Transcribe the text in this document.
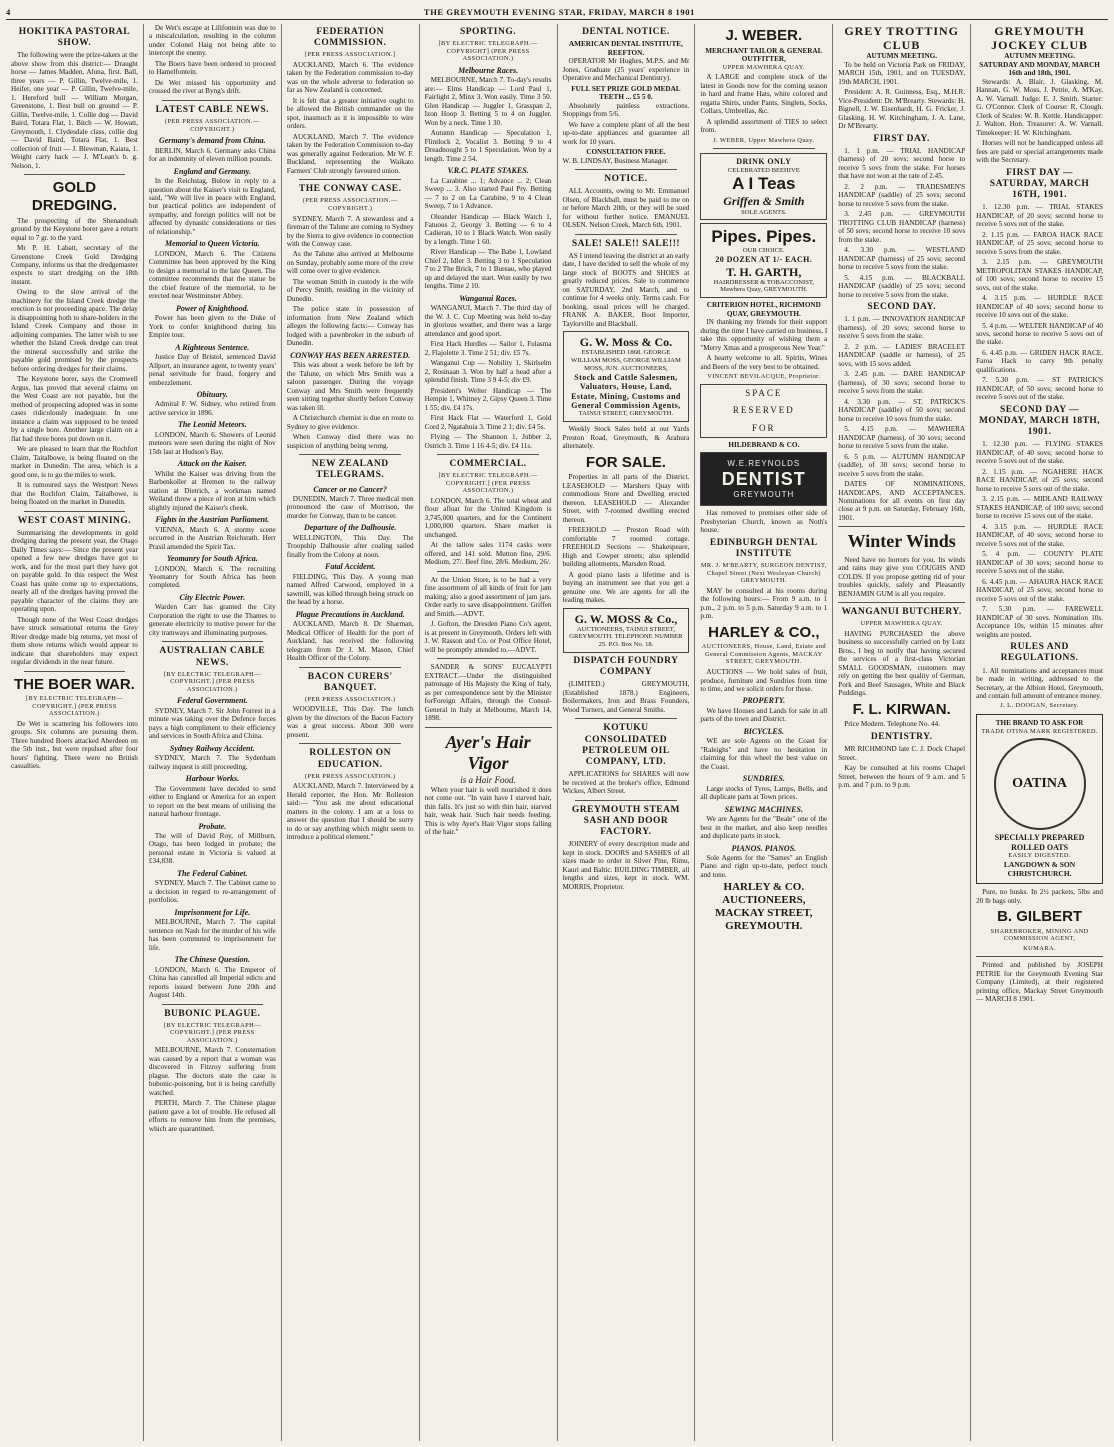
4	THE GREYMOUTH EVENING STAR, FRIDAY, MARCH 8 1901
HOKITIKA PASTORAL SHOW.

The following were the prize-takers at the above show from this district:— Draught horse — James Madden, Aluna, first. Ball, three years — P. Gillin, Twelve-mile, 1. Heifer, one year — P. Gillin, Twelve-mile, 1. Hereford bull — William Morgan, Greenstone, 1. Best bull on ground — P. Gillin, Twelve-mile, 1. Collie dog — David Baird, Totara Flat, 1. Bitch — W. Howatt, Greymouth, 1. Clydesdale class, collie dog — David Baird, Totara Flat, 1. Best collection of fruit — J. Blewman, Kaiata, 1. Weight carry hack — J. M'Lean's b. g. Nelson, 1.

GOLD DREDGING.

The prospecting of the Shenandoah ground by the Keystone borer gave a return equal to 7 gr. to the yard.

Mr P. H. Labatt, secretary of the Greenstone Creek Gold Dredging Company, informs us that the dredgemaster expects to start dredging on the 18th instant.

Owing to the slow arrival of the machinery for the Island Creek dredge the erection is not proceeding apace. The delay is disappointing both to share-holders in the Island Creek Company and those in adjoining companies. The latter wish to see whether the Island Creek dredge can treat the mineral successfully and strike the payable gold promised by the prospects before ordering dredges for their claims.

The Keystone borer, says the Cromwell Argus, has proved that several claims on the West Coast are not payable, but the method of prospecting adopted was in some cases ridiculously inadequate. In one instance a claim was supposed to be tested by a single bore. Another large claim on a flat had three bores put down on it.

We are pleased to learn that the Rochfort Claim, Taitalbowe, is being floated on the market in Dunedin. The area, which is a good one, is to go the miles to work.

It is rumoured says the Westport News that the Rochfort Claim, Taitalbowe, is being floated on the market in Dunedin.

WEST COAST MINING.

Summarising the developments in gold dredging during the present year, the Otago Daily Times says:— Since the present year opened a few new dredges have got to work, and for the most part they have got on payable gold. In this respect the West Coast has quite come up to expectations, nearly all of the dredges having proved the payable character of the claims they are operating upon.

Though none of the West Coast dredges have struck sensational returns the Grey River dredge made big returns, yet most of them show returns which would appear to indicate that shareholders may expect regular dividends in the near future.

THE BOER WAR.
[BY ELECTRIC TELEGRAPH—COPYRIGHT.] (PER PRESS ASSOCIATION.)

De Wet is scattering his followers into groups. Six columns are pursuing them. Three hundred Boers attacked Aberdeen on the 5th inst., but were repulsed after four hours' fighting. There were no British casualties.

De Wet's escape at Lilifontein was due to a miscalculation, resulting in the column under Colonel Haig not being able to intercept the enemy.

The Boers have been ordered to proceed to Hamelfontein.

De Wet missed his opportunity and crossed the river at Byng's drift.

LATEST CABLE NEWS.
(PER PRESS ASSOCIATION.—COPYRIGHT.)
Germany's demand from China.

BERLIN, March 6. Germany asks China for an indemnity of eleven million pounds.

England and Germany.

In the Reichstag, Bulow in reply to a question about the Kaiser's visit to England, said, "We will live in peace with England, but practical politics are independent of sympathy, and foreign politics will not be affected by dynastic considerations or ties of relationship."

Memorial to Queen Victoria.

LONDON, March 6. The Citizens Committee has been approved by the King to design a memorial to the late Queen. The committee recommends that the statue be the chief feature of the memorial, to be erected near Westminster Abbey.

Power of Knighthood.

Power has been given to the Duke of York to confer knighthood during his Empire tour.

A Righteous Sentence.

Justice Day of Bristol, sentenced David Allport, an insurance agent, to twenty years' penal servitude for fraud, forgery and embezzlement.

Obituary.

Admiral F. W. Sidney, who retired from active service in 1896.

The Leonid Meteors.

LONDON, March 6. Showers of Leonid meteors were seen during the night of Nov 15th last at Hudson's Bay.

Attack on the Kaiser.

Whilst the Kaiser was driving from the Barbenkoller at Bremen to the railway station at Dietrich, a workman named Weiland threw a piece of iron at him which slightly injured the Kaiser's cheek.

Fights in the Austrian Parliament.

VIENNA, March 6. A stormy scene occurred in the Austrian Reichsrath. Herr Prasil amended the Spirit Tax.

Yeomanry for South Africa.

LONDON, March 6. The recruiting Yeomanry for South Africa has been completed.

City Electric Power.

Warden Carr has granted the City Corporation the right to use the Thames to generate electricity to motive power for the city tramways and illuminating purposes.

AUSTRALIAN CABLE NEWS.
[BY ELECTRIC TELEGRAPH—COPYRIGHT.] (PER PRESS ASSOCIATION.)
Federal Government.

SYDNEY, March 7. Sir John Forrest in a minute was taking over the Defence forces pays a high compliment to their efficiency and services in South Africa and China.

Sydney Railway Accident.

SYDNEY, March 7. The Sydenham railway inquest is still proceeding.

Harbour Works.

The Government have decided to send either to England or America for an expert to report on the best means of utilising the natural harbour frontage.

Probate.

The will of David Roy, of Millburn, Otago, has been lodged in probate; the personal estate in Victoria is valued at £34,838.

The Federal Cabinet.

SYDNEY, March 7. The Cabinet came to a decision in regard to re-arrangement of portfolios.

Imprisonment for Life.

MELBOURNE, March 7. The capital sentence on Nash for the murder of his wife has been commuted to imprisonment for life.

The Chinese Question.

LONDON, March 6. The Emperor of China has cancelled all Imperial edicts and reports issued between June 20th and August 14th.

BUBONIC PLAGUE.
[BY ELECTRIC TELEGRAPH—COPYRIGHT.] (PER PRESS ASSOCIATION.)

MELBOURNE, March 7. Consternation was caused by a report that a woman was discovered in Fitzroy suffering from plague. The doctors state the case is bubonic-poisoning, but it is being carefully watched.

PERTH, March 7. The Chinese plague patient gave a lot of trouble. He refused all efforts to remove him from the premises, which are quarantined.

FEDERATION COMMISSION.
[PER PRESS ASSOCIATION.]

AUCKLAND, March 6. The evidence taken by the Federation commission to-day was on the whole adverse to federation so far as New Zealand is concerned.

It is felt that a greater initiative ought to be allowed the British commander on the spot, inasmuch as it is impossible to wire orders.

AUCKLAND, March 7. The evidence taken by the Federation Commission to-day was generally against Federation. Mr W. F. Buckland, representing the Waikato Farmers' Club strongly favoured union.

THE CONWAY CASE.
(PER PRESS ASSOCIATION.—COPYRIGHT.)

SYDNEY, March 7. A stewardess and a fireman of the Talune are coming to Sydney by the Sierra to give evidence in connection with the Conway case.

As the Talune also arrived at Melbourne on Sunday, probably some more of the crew will come over to give evidence.

The woman Smith in custody is the wife of Percy Smith, residing in the vicinity of Dunedin.

The police state in possession of information from New Zealand which alleges the following facts:— Conway has lodged with a pawnbroker in the suburb of Dunedin.

CONWAY HAS BEEN ARRESTED.

This was about a week before he left by the Talune, on which Mrs Smith was a saloon passenger. During the voyage Conway and Mrs Smith were frequently seen sitting together shortly before Conway was taken ill.

A Christchurch chemist is due en route to Sydney to give evidence.

When Conway died there was no suspicion of anything being wrong.

NEW ZEALAND TELEGRAMS.
Cancer or no Cancer?

DUNEDIN, March 7. Three medical men pronounced the case of Morrison, the murder for Conway, than to be cancer.

Departure of the Dalhousie.

WELLINGTON, This Day. The Troopship Dalhousie after coaling sailed finally from the Colony at noon.

Fatal Accident.

FIELDING, This Day. A young man named Alfred Carwood, employed in a sawmill, was killed through being struck on the head by a horse.

Plague Precautions in Auckland.

AUCKLAND, March 8. Dr Sharman, Medical Officer of Health for the port of Auckland, has received the following telegram from Dr J. M. Mason, Chief Health Officer of the Colony.

BACON CURERS' BANQUET.
(PER PRESS ASSOCIATION.)

WOODVILLE, This Day. The lunch given by the directors of the Bacon Factory was a great success. About 300 were present.

ROLLESTON ON EDUCATION.
(PER PRESS ASSOCIATION.)

AUCKLAND, March 7. Interviewed by a Herald reporter, the Hon. Mr Rolleston said:— "You ask me about educational matters in the colony. I am at a loss to answer the question that I should be sorry to do or say anything which might seem to introduce a political element."

SPORTING.
[BY ELECTRIC TELEGRAPH.—COPYRIGHT] (PER PRESS ASSOCIATION.)
Melbourne Races.

MELBOURNE, March 7. To-day's results are:— Elms Handicap — Lord Paul 1, Fairlight 2, Minx 3. Won easily. Time 3 50. Glen Handicap — Juggler 1, Grasspan 2, Izon Hoop 3. Betting 5 to 4 on Juggler. Won by a neck. Time 1 30.

Autumn Handicap — Speculation 1, Flintlock 2, Vocalist 3. Betting 9 to 4 Dreadnought 5 to 1 Speculation. Won by a length. Time 2 54.

V.R.C. PLATE STAKES.

La Carabine ... 1; Advance ... 2; Clean Sweep ... 3. Also started Paul Pry. Betting — 7 to 2 on La Carabine, 9 to 4 Clean Sweep, 7 to 1 Advance.

Oleander Handicap — Black Watch 1, Fatuous 2, Georgy 3. Betting — 6 to 4 Cadieran, 10 to 1 Black Watch. Won easily by a length. Time 1 60.

River Handicap — The Babe 1, Lowland Chief 2, Idler 3. Betting 3 to 1 Speculation 7 to 2 The Brick, 7 to 1 Bureau, who played up and delayed the start. Won easily by two lengths. Time 2 10.

Wanganui Races.

WANGANUI, March 7. The third day of the W. J. C. Cup Meeting was held to-day in glorious weather, and there was a large attendance and good sport.

First Hack Hurdles — Sailor 1, Fulasma 2, Flajolette 3. Time 2 51; div. £5 7s.

Wanganui Cup — Nobility 1, Skirlselm 2, Rosinaan 3. Won by half a head after a splendid finish. Time 3 9 4-5; div £9.

President's Welter Handicap — The Hempie 1, Whitney 2, Gipsy Queen 3. Time 1 55; div. £4 17s.

First Hack Flat — Waterford 1, Gold Cord 2, Ngatahuia 3. Time 2 1; div. £4 5s.

Flying — The Shannon 1, Jubber 2, Ostrich 3. Time 1 16 4-5; div. £4 11s.

COMMERCIAL.
[BY ELECTRIC TELEGRAPH.—COPYRIGHT.] (PER PRESS ASSOCIATION.)

LONDON, March 6. The total wheat and flour afloat for the United Kingdom is 3,745,000 quarters, and for the Continent 1,000,000 quarters. Share market is unchanged.

At the tallow sales 1174 casks were offered, and 141 sold. Mutton fine, 29/6. Medium, 27/. Beef fine, 28/6. Medium, 26/.

At the Union Store, is to be had a very fine assortment of all kinds of fruit for jam making; also a good assortment of jam jars. Order early to save disappointment. Griffen and Smith.—ADVT.

J. Gofton, the Dresden Piano Co's agent, is at present in Greymouth. Orders left with J. W. Rasson and Co. or Post Office Hotel, will be promptly attended to.—ADVT.

SANDER & SONS' EUCALYPTI EXTRACT.—Under the distinguished patronage of His Majesty the King of Italy, as per correspondence sent by the Minister forForeign Affairs, through the Consul-General in Italy at Melbourne, March 14, 1898.

Ayer's Hair Vigor
is a Hair Food.

When your hair is well nourished it does not come out. "In vain have I starved hair, thin falls. It's just so with thin hair, starved hair, weak hair. Such hair needs feeding. This is why Ayer's Hair Vigor stops falling of the hair."

DENTAL NOTICE.
AMERICAN DENTAL INSTITUTE, REEFTON.

OPERATOR Mr Hughes, M.P.S. and Mr Jones, Graduate (25 years' experience in Operative and Mechanical Dentistry).

FULL SET PRIZE GOLD MEDAL TEETH ... £5 5 0.

Absolutely painless extractions. Stoppings from 5/6.

We have a complete plant of all the best up-to-date appliances and guarantee all work for 10 years.

CONSULTATION FREE.

W. B. LINDSAY, Business Manager.

NOTICE.

ALL Accounts, owing to Mr. Emmanuel Olsen, of Blackball, must be paid to me on or before March 20th, or they will be sued for without further notice. EMANUEL OLSEN. Nelson Creek, March 6th, 1901.

SALE! SALE!! SALE!!!

AS I intend leaving the district at an early date, I have decided to sell the whole of my large stock of BOOTS and SHOES at greatly reduced prices. Sale to commence on SATURDAY, 2nd March, and to continue for 4 weeks only. Terms cash. For booking, usual prices will be charged. FRANK A. BAKER, Boot Importer, Taylorville and Blackball.

G. W. Moss & Co.
ESTABLISHED 1868. GEORGE WILLIAM MOSS, GEORGE WILLIAM MOSS, JUN. AUCTIONEERS,
Stock and Cattle Salesmen, Valuators, House, Land, Estate, Mining, Customs and General Commission Agents,
TAINUI STREET, GREYMOUTH.

Weekly Stock Sales held at our Yards Preston Road, Greymouth, & Arahura alternately.

FOR SALE.

Properties in all parts of the District. LEASEHOLD — Marshers Quay with commodious Store and Dwelling erected thereon. LEASEHOLD — Alexander Street, with 7-roomed dwelling erected thereon.

FREEHOLD — Preston Road with comfortable 7 roomed cottage. FREEHOLD Sections — Shakespeare, High and Cowper streets; also splendid building allotments, Marsden Road.

A good piano lasts a lifetime and is buying an instrument see that you get a genuine one. We are agents for all the leading makes.

G. W. MOSS & Co.,
AUCTIONEERS, TAINUI STREET, GREYMOUTH. TELEPHONE NUMBER 25. P.O. Box No. 18.
DISPATCH FOUNDRY COMPANY

(LIMITED.) GREYMOUTH, (Established 1878.) Engineers, Boilermakers, Iron and Brass Founders, Wood Turners, and General Smiths.

KOTUKU CONSOLIDATED PETROLEUM OIL COMPANY, LTD.

APPLICATIONS for SHARES will now be received at the broker's office, Edmund Wickes, Albert Street.

GREYMOUTH STEAM SASH AND DOOR FACTORY.

JOINERY of every description made and kept in stock. DOORS and SASHES of all sizes made to order in Silver Pine, Rimu, Kauri and Baltic. BUILDING TIMBER, all lengths and sizes, kept in stock. WM. MORRIS, Proprietor.

J. WEBER.
MERCHANT TAILOR & GENERAL OUTFITTER,
UPPER MAWHERA QUAY.

A LARGE and complete stock of the latest in Goods now for the coming season in hard and frame Hats, white colored and regatta Shirts, under Pants, Singlets, Socks, Collars, Umbrellas, &c.

A splendid assortment of TIES to select from.

J. WEBER, Upper Mawhera Quay.
DRINK ONLY
CELEBRATED BEEHIVE
A I Teas
Griffen & Smith
SOLE AGENTS.
Pipes. Pipes.
OUR CHOICE.
20 DOZEN AT 1/- EACH.
T. H. GARTH,
HAIRDRESSER & TOBACCONIST, Mawhera Quay, GREYMOUTH.
CRITERION HOTEL, RICHMOND QUAY, GREYMOUTH.

IN thanking my friends for their support during the time I have carried on business, I take this opportunity of wishing them a "Merry Xmas and a prosperous New Year."

A hearty welcome to all. Spirits, Wines and Beers of the very best to be obtained.

VINCENT BEVILACQUE, Proprietor.
SPACE
RESERVED
FOR
HILDEBRAND & CO.
W.E.REYNOLDS
DENTIST
GREYMOUTH

Has removed to premises other side of Presbyterian Church, known as Noth's house.

EDINBURGH DENTAL INSTITUTE
MR. J. M'BEARTY, SURGEON DENTIST, Chapel Street (Next Wesleyan Church) GREYMOUTH.

MAY be consulted at his rooms during the following hours:— From 9 a.m. to 1 p.m., 2 p.m. to 5 p.m. Saturday 9 a.m. to 1 p.m.

HARLEY & CO.,
AUCTIONEERS, House, Land, Estate and General Commission Agents, MACKAY STREET, GREYMOUTH.

AUCTIONS — We hold sales of fruit, produce, furniture and Sundries from time to time, and we solicit orders for these.

PROPERTY.

We have Houses and Lands for sale in all parts of the town and District.

BICYCLES.

WE are sole Agents on the Coast for "Raleighs" and have no hesitation in claiming for this wheel the best value on the Coast.

SUNDRIES.

Large stocks of Tyres, Lamps, Bells, and all duplicate parts at Town prices.

SEWING MACHINES.

We are Agents for the "Beale" one of the best in the market, and also keep needles and duplicate parts in stock.

PIANOS. PIANOS.

Sole Agents for the "Sames" an English Piano and right up-to-date, perfect touch and tone.

HARLEY & CO. AUCTIONEERS, MACKAY STREET, GREYMOUTH.
GREY TROTTING CLUB
AUTUMN MEETING.

To be held on Victoria Park on FRIDAY, MARCH 15th, 1901, and on TUESDAY, 19th MARCH, 1901.

President: A. R. Guinness, Esq., M.H.R. Vice-President: Dr. M'Brearty. Stewards: H. Bignell, J. W. Eisenhardt, H. G. Fricker, J. Glasking, H. W. Kitchingham, J. A. Lane, Dr M'Brearty.

FIRST DAY.

1. 1 p.m. — TRIAL HANDICAP (harness) of 20 sovs; second horse to receive 5 sovs from the stake. For horses that have not won at the rate of 2.45.

2. 2 p.m. — TRADESMEN'S HANDICAP (saddle) of 25 sovs; second horse to receive 5 sovs from the stake.

3. 2.45 p.m. — GREYMOUTH TROTTING CLUB HANDICAP (harness) of 50 sovs; second horse to receive 10 sovs from the stake.

4. 3.30 p.m. — WESTLAND HANDICAP (harness) of 25 sovs; second horse to receive 5 sovs from the stake.

5. 4.15 p.m. — BLACKBALL HANDICAP (saddle) of 25 sovs; second horse to receive 5 sovs from the stake.

SECOND DAY.

1. 1 p.m. — INNOVATION HANDICAP (harness), of 20 sovs; second horse to receive 5 sovs from the stake.

2. 2 p.m. — LADIES' BRACELET HANDICAP (saddle or harness), of 25 sovs, with 15 sovs added.

3. 2.45 p.m. — DARE HANDICAP (harness), of 30 sovs; second horse to receive 5 sovs from the stake.

4. 3.30 p.m. — ST. PATRICK'S HANDICAP (saddle) of 50 sovs; second horse to receive 10 sovs from the stake.

5. 4.15 p.m. — MAWHERA HANDICAP (harness), of 30 sovs; second horse to receive 5 sovs from the stake.

6. 5 p.m. — AUTUMN HANDICAP (saddle), of 30 sovs; second horse to receive 5 sovs from the stake.

DATES OF NOMINATIONS, HANDICAPS, AND ACCEPTANCES. Nominations for all events on first day close at 9 p.m. on Saturday, February 16th, 1901.

Winter Winds

Need have no horrors for you. Its winds and rains may give you COUGHS AND COLDS. If you propose getting rid of your troubles quickly, safely and Pleasantly BENJAMIN GUM is all you require.

WANGANUI BUTCHERY.
UPPER MAWHERA QUAY.

HAVING PURCHASED the above business so successfully carried on by Lutz Bros., I beg to notify that having secured the services of a first-class Victorian SMALL GOODSMAN, customers may rely on getting the best quality of German, Pork and Beef Sausages, White and Black Puddings.

F. L. KIRWAN.

Price Modern. Telephone No. 44.

DENTISTRY.

MR RICHMOND late C. J. Dock Chapel Street.

Kay be consulted at his rooms Chapel Street, between the hours of 9 a.m. and 5 p.m. and 7 p.m. to 9 p.m.

GREYMOUTH JOCKEY CLUB
AUTUMN MEETING.
SATURDAY AND MONDAY, MARCH 16th and 18th, 1901.

Stewards: A. Blair, J. Glasking, M. Hannan, G. W. Moss, J. Petrie, A. M'Kay, A. W. Varnall. Judge: E. J. Smith. Starter: G. O'Connor. Clerk of Course: R. Clough. Clerk of Scales: W. R. Kettle. Handicapper: J. Walton. Hon. Treasurer: A. W. Varnall. Timekeeper: H. W. Kitchingham.

Horses will not be handicapped unless all fees are paid or special arrangements made with the Secretary.

FIRST DAY — SATURDAY, MARCH 16TH, 1901.

1. 12.30 p.m. — TRIAL STAKES HANDICAP, of 20 sovs; second horse to receive 5 sovs out of the stake.

2. 1.15 p.m. — FAROA HACK RACE HANDICAP, of 25 sovs; second horse to receive 5 sovs from the stake.

3. 2.15 p.m. — GREYMOUTH METROPOLITAN STAKES HANDICAP, of 100 sovs; second horse to receive 15 sovs, out of the stake.

4. 3.15 p.m. — HURDLE RACE HANDICAP of 40 sovs; second horse to receive 10 sovs out of the stake.

5. 4 p.m. — WELTER HANDICAP of 40 sovs, second horse to receive 5 sovs out of the stake.

6. 4.45 p.m. — GRIDEN HACK RACE. Faroa Hack to carry 9th penalty qualifications.

7. 5.30 p.m. — ST PATRICK'S HANDICAP, of 50 sovs; second horse to receive 5 sovs out of the stake.

SECOND DAY — MONDAY, MARCH 18TH, 1901.

1. 12.30 p.m. — FLYING STAKES HANDICAP, of 40 sovs; second horse to receive 5 sovs out of the stake.

2. 1.15 p.m. — NGAHERE HACK RACE HANDICAP, of 25 sovs; second horse to receive 5 sovs out of the stake.

3. 2.15 p.m. — MIDLAND RAILWAY STAKES HANDICAP, of 100 sovs; second horse to receive 15 sovs out of the stake.

4. 3.15 p.m. — HURDLE RACE HANDICAP, of 40 sovs; second horse to receive 5 sovs out of the stake.

5. 4 p.m. — COUNTY PLATE HANDICAP of 30 sovs; second horse to receive 5 sovs out of the stake.

6. 4.45 p.m. — AHAURA HACK RACE HANDICAP, of 25 sovs; second horse to receive 5 sovs out of the stake.

7. 5.30 p.m. — FAREWELL HANDICAP of 30 sovs. Nomination 10s. Acceptance 10s, within 15 minutes after weights are posted.

RULES AND REGULATIONS.

1. All nominations and acceptances must be made in writing, addressed to the Secretary, at the Albion Hotel, Greymouth, and contain full amount of entrance money.

J. L. DOOGAN, Secretary.
THE BRAND TO ASK FOR
TRADE OTINA MARK REGISTERED.
OATINA
SPECIALLY PREPARED ROLLED OATS
EASILY DIGESTED.
LANGDOWN & SON CHRISTCHURCH.

Pure, no husks. In 2½ packets, 5lbs and 20 lb bags only.

B. GILBERT
SHAREBROKER, MINING AND COMMISSION AGENT,
KUMARA.

Printed and published by JOSEPH PETRIE for the Greymouth Evening Star Company (Limited), at their registered printing office, Mackay Street Greymouth — MARCH 8 1901.
